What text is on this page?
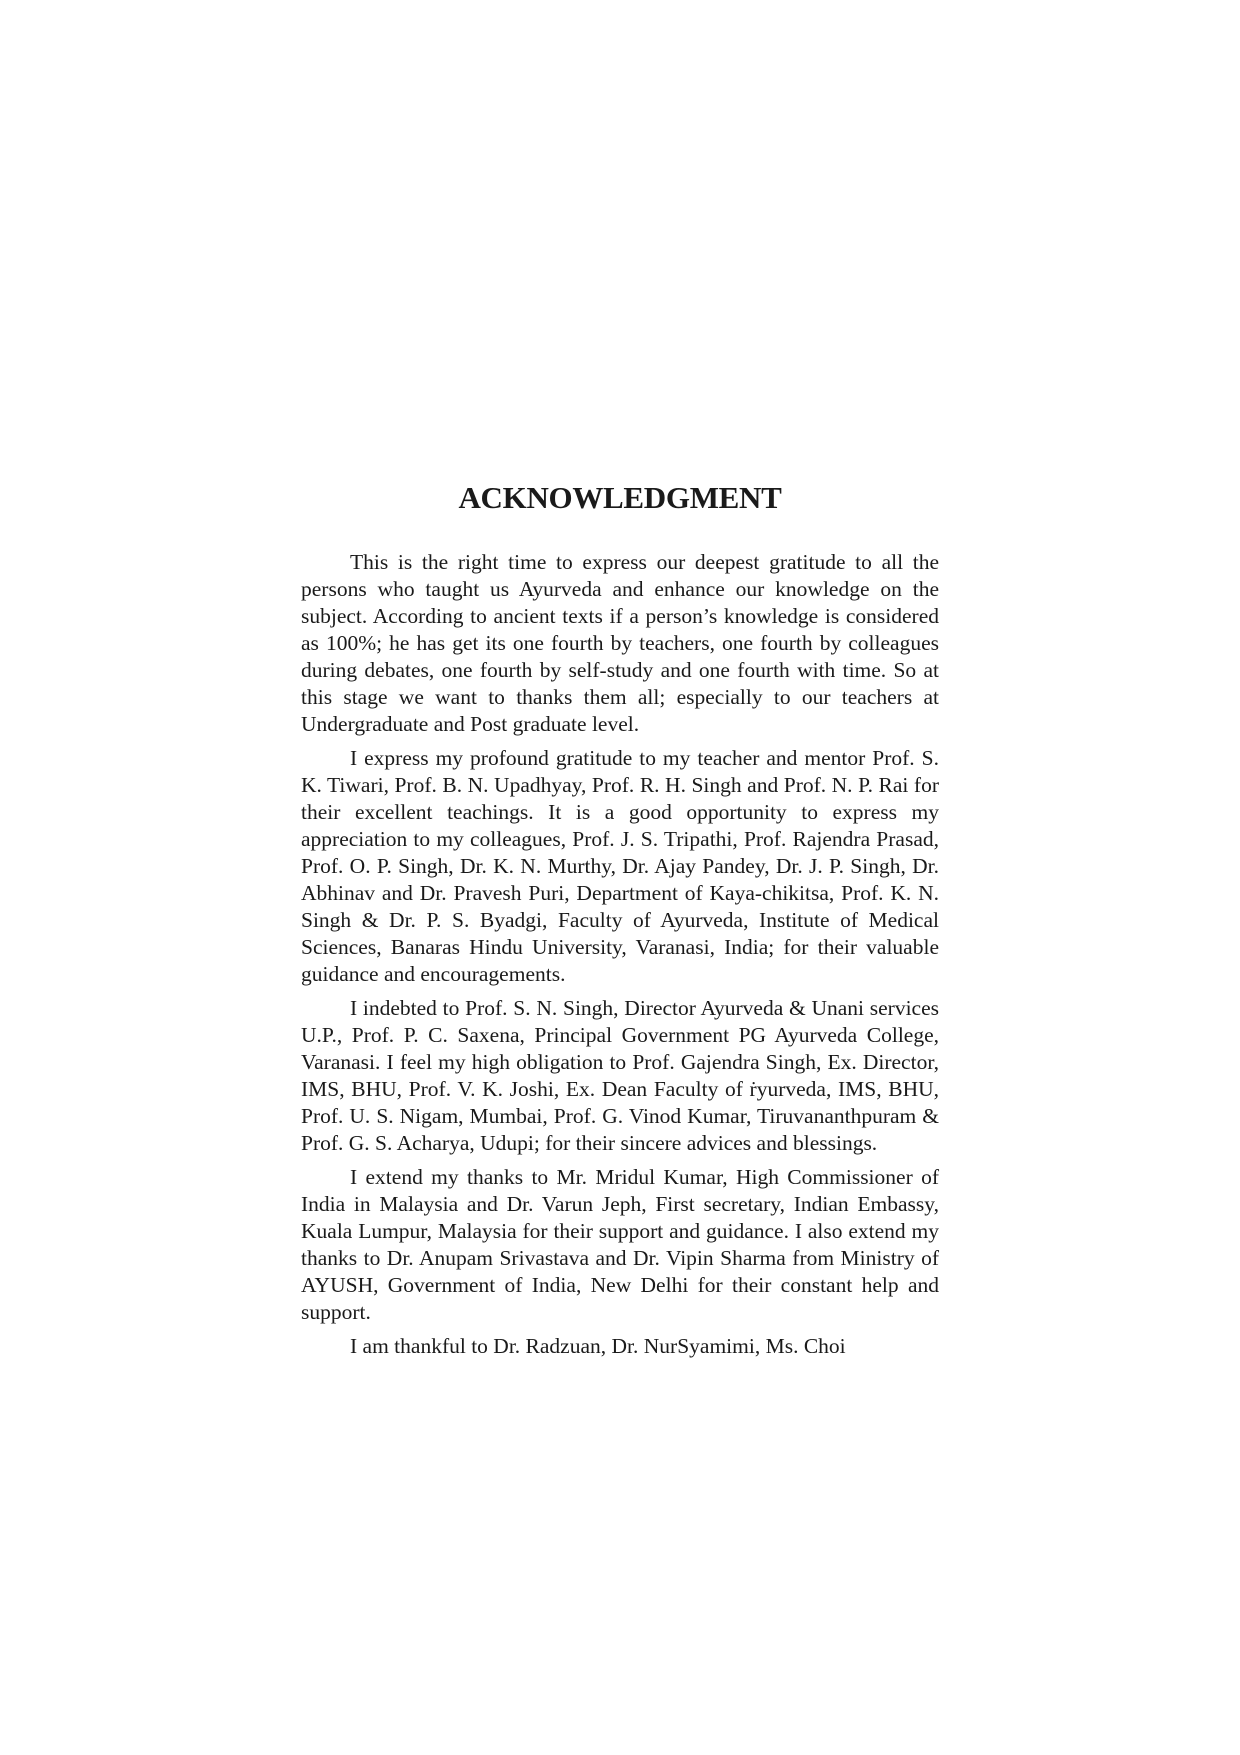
ACKNOWLEDGMENT

This is the right time to express our deepest gratitude to all the persons who taught us Ayurveda and enhance our knowledge on the subject. According to ancient texts if a person’s knowledge is considered as 100%; he has get its one fourth by teachers, one fourth by colleagues during debates, one fourth by self-study and one fourth with time. So at this stage we want to thanks them all; especially to our teachers at Undergraduate and Post graduate level.

I express my profound gratitude to my teacher and mentor Prof. S. K. Tiwari, Prof. B. N. Upadhyay, Prof. R. H. Singh and Prof. N. P. Rai for their excellent teachings. It is a good opportunity to express my appreciation to my colleagues, Prof. J. S. Tripathi, Prof. Rajendra Prasad, Prof. O. P. Singh, Dr. K. N. Murthy, Dr. Ajay Pandey, Dr. J. P. Singh, Dr. Abhinav and Dr. Pravesh Puri, Department of Kaya-chikitsa, Prof. K. N. Singh & Dr. P. S. Byadgi, Faculty of Ayurveda, Institute of Medical Sciences, Banaras Hindu University, Varanasi, India; for their valuable guidance and encouragements.

I indebted to Prof. S. N. Singh, Director Ayurveda & Unani services U.P., Prof. P. C. Saxena, Principal Government PG Ayurveda College, Varanasi. I feel my high obligation to Prof. Gajendra Singh, Ex. Director, IMS, BHU, Prof. V. K. Joshi, Ex. Dean Faculty of ṙyurveda, IMS, BHU, Prof. U. S. Nigam, Mumbai, Prof. G. Vinod Kumar, Tiruvananthpuram & Prof. G. S. Acharya, Udupi; for their sincere advices and blessings.

I extend my thanks to Mr. Mridul Kumar, High Commissioner of India in Malaysia and Dr. Varun Jeph, First secretary, Indian Embassy, Kuala Lumpur, Malaysia for their support and guidance. I also extend my thanks to Dr. Anupam Srivastava and Dr. Vipin Sharma from Ministry of AYUSH, Government of India, New Delhi for their constant help and support.

I am thankful to Dr. Radzuan, Dr. NurSyamimi, Ms. Choi
